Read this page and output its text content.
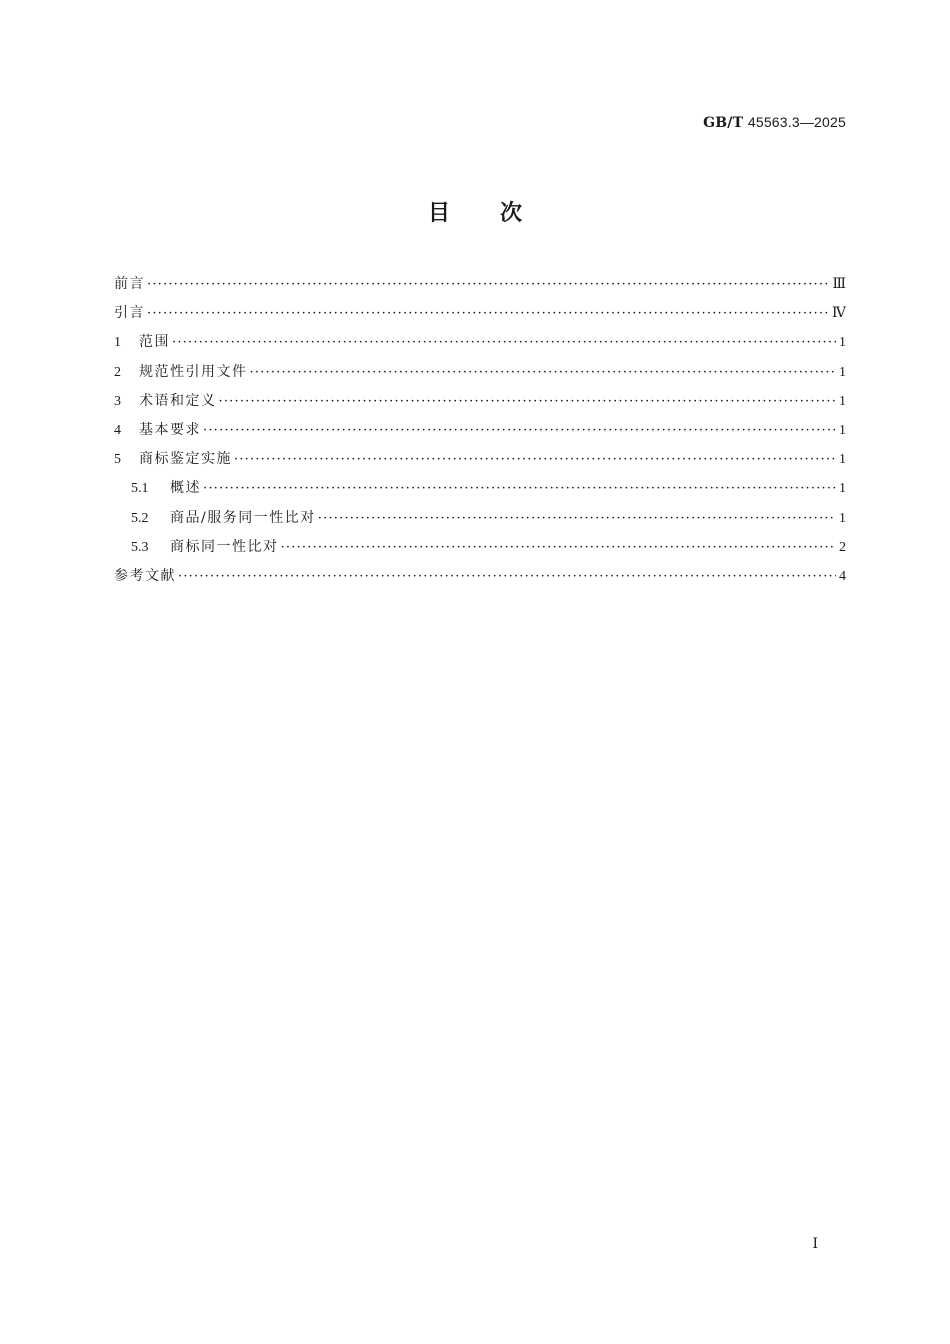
GB/T 45563.3—2025
目次
前言 ·····	Ⅲ
引言 ·····	Ⅳ
1	范围 ·····	1
2	规范性引用文件 ·····	1
3	术语和定义 ·····	1
4	基本要求 ·····	1
5	商标鉴定实施 ·····	1
5.1	概述 ·····	1
5.2	商品/服务同一性比对 ·····	1
5.3	商标同一性比对 ·····	2
参考文献 ·····	4
Ⅰ
